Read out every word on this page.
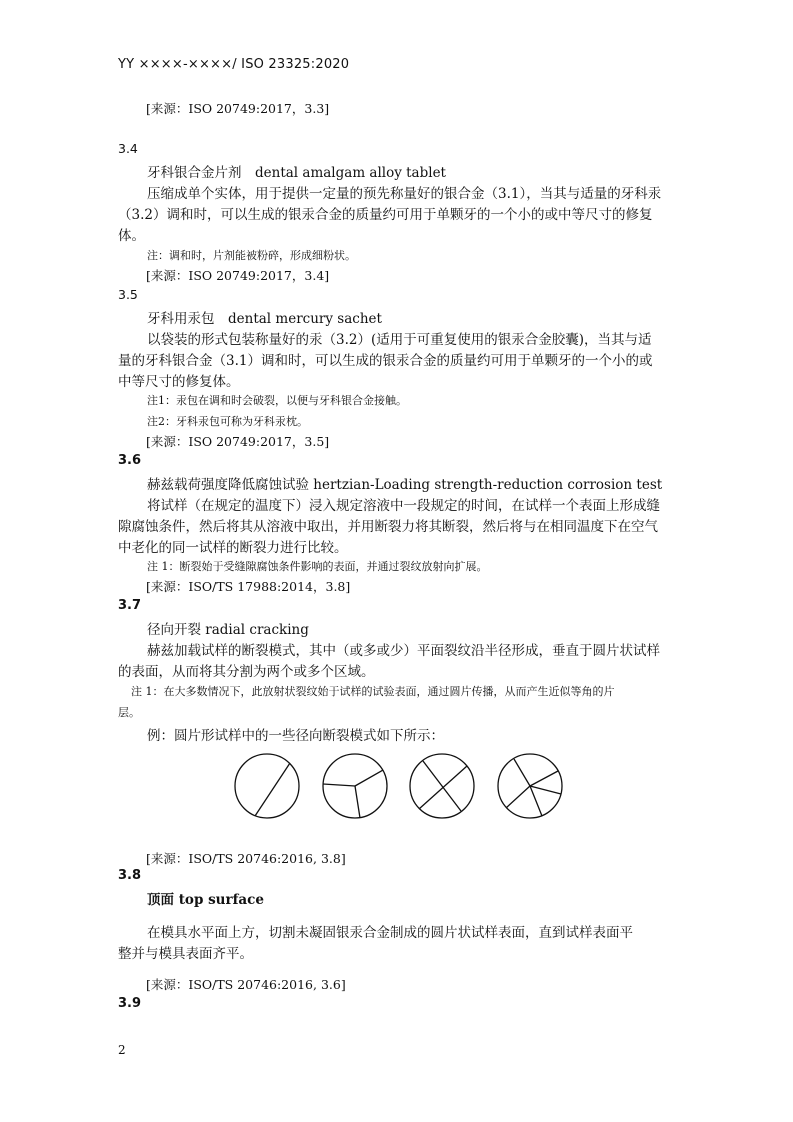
YY ××××-××××/ ISO 23325:2020
[来源：ISO 20749:2017，3.3]
3.4
牙科银合金片剂　dental amalgam alloy tablet
压缩成单个实体，用于提供一定量的预先称量好的银合金（3.1），当其与适量的牙科汞
（3.2）调和时，可以生成的银汞合金的质量约可用于单颗牙的一个小的或中等尺寸的修复
体。
注：调和时，片剂能被粉碎，形成细粉状。
[来源：ISO 20749:2017，3.4]
3.5
牙科用汞包　dental mercury sachet
以袋装的形式包装称量好的汞（3.2）(适用于可重复使用的银汞合金胶囊)，当其与适
量的牙科银合金（3.1）调和时，可以生成的银汞合金的质量约可用于单颗牙的一个小的或
中等尺寸的修复体。
注1：汞包在调和时会破裂，以便与牙科银合金接触。
注2：牙科汞包可称为牙科汞枕。
[来源：ISO 20749:2017，3.5]
3.6
赫兹载荷强度降低腐蚀试验 hertzian-Loading strength-reduction corrosion test
将试样（在规定的温度下）浸入规定溶液中一段规定的时间，在试样一个表面上形成缝
隙腐蚀条件，然后将其从溶液中取出，并用断裂力将其断裂，然后将与在相同温度下在空气
中老化的同一试样的断裂力进行比较。
注 1：断裂始于受缝隙腐蚀条件影响的表面，并通过裂纹放射向扩展。
[来源：ISO/TS 17988:2014，3.8]
3.7
径向开裂 radial cracking
赫兹加载试样的断裂模式，其中（或多或少）平面裂纹沿半径形成，垂直于圆片状试样
的表面，从而将其分割为两个或多个区域。
注 1：在大多数情况下，此放射状裂纹始于试样的试验表面，通过圆片传播，从而产生近似等角的片
层。
例：圆片形试样中的一些径向断裂模式如下所示：
[来源：ISO/TS 20746:2016, 3.8]
3.8
顶面 top surface
在模具水平面上方，切割未凝固银汞合金制成的圆片状试样表面，直到试样表面平
整并与模具表面齐平。
[来源：ISO/TS 20746:2016, 3.6]
3.9
2
